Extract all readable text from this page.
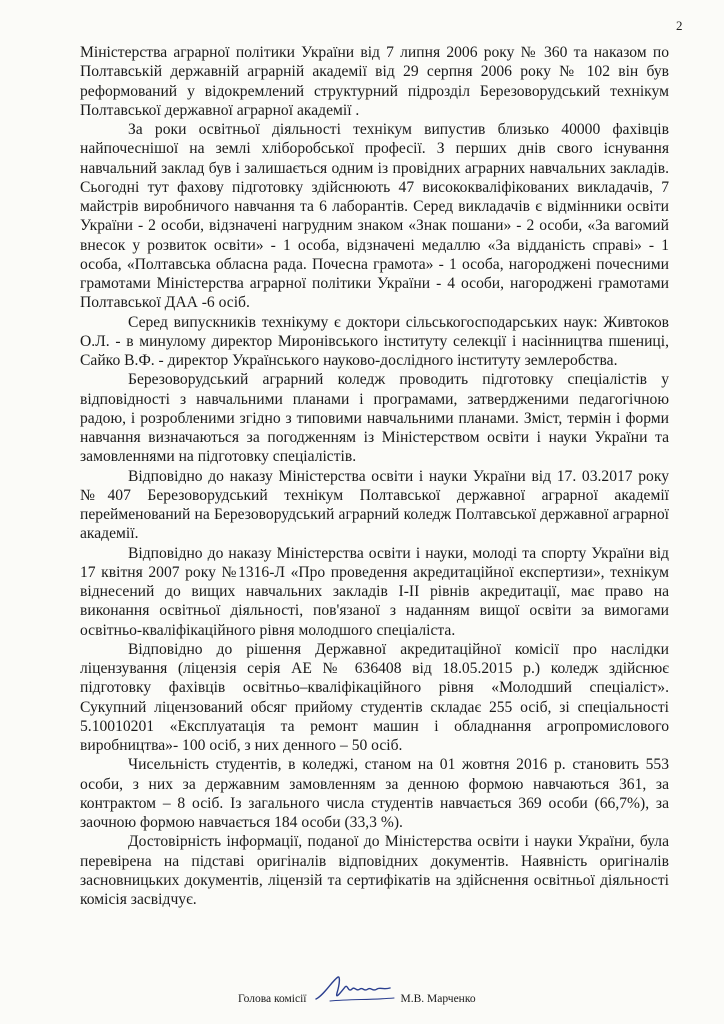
2

Міністерства аграрної політики України від 7 липня 2006 року № 360 та наказом по Полтавській державній аграрній академії від 29 серпня 2006 року № 102 він був реформований у відокремлений структурний підрозділ Березоворудський технікум Полтавської державної аграрної академії .

За роки освітньої діяльності технікум випустив близько 40000 фахівців найпочеснішої на землі хліборобської професії. З перших днів свого існування навчальний заклад був і залишається одним із провідних аграрних навчальних закладів. Сьогодні тут фахову підготовку здійснюють 47 висококваліфікованих викладачів, 7 майстрів виробничого навчання та 6 лаборантів. Серед викладачів є відмінники освіти України - 2 особи, відзначені нагрудним знаком «Знак пошани» - 2 особи, «За вагомий внесок у розвиток освіти» - 1 особа, відзначені медаллю «За відданість справі» - 1 особа, «Полтавська обласна рада. Почесна грамота» - 1 особа, нагороджені почесними грамотами Міністерства аграрної політики України - 4 особи, нагороджені грамотами Полтавської ДАА -6 осіб.

Серед випускників технікуму є доктори сільськогосподарських наук: Живтоков О.Л. - в минулому директор Миронівського інституту селекції і насінництва пшениці, Сайко В.Ф. - директор Українського науково-дослідного інституту землеробства.

Березоворудський аграрний коледж проводить підготовку спеціалістів у відповідності з навчальними планами і програмами, затвердженими педагогічною радою, і розробленими згідно з типовими навчальними планами. Зміст, термін і форми навчання визначаються за погодженням із Міністерством освіти і науки України та замовленнями на підготовку спеціалістів.

Відповідно до наказу Міністерства освіти і науки України від 17. 03.2017 року №407 Березоворудський технікум Полтавської державної аграрної академії перейменований на Березоворудський аграрний коледж Полтавської державної аграрної академії.

Відповідно до наказу Міністерства освіти і науки, молоді та спорту України від 17 квітня 2007 року №1316-Л «Про проведення акредитаційної експертизи», технікум віднесений до вищих навчальних закладів I-II рівнів акредитації, має право на виконання освітньої діяльності, пов'язаної з наданням вищої освіти за вимогами освітньо-кваліфікаційного рівня молодшого спеціаліста.

Відповідно до рішення Державної акредитаційної комісії про наслідки ліцензування (ліцензія серія АЕ № 636408 від 18.05.2015 р.) коледж здійснює підготовку фахівців освітньо–кваліфікаційного рівня «Молодший спеціаліст». Сукупний ліцензований обсяг прийому студентів складає 255 осіб, зі спеціальності 5.10010201 «Експлуатація та ремонт машин і обладнання агропромислового виробництва»- 100 осіб, з них денного – 50 осіб.

Чисельність студентів, в коледжі, станом на 01 жовтня 2016 р. становить 553 особи, з них за державним замовленням за денною формою навчаються 361, за контрактом – 8 осіб. Із загального числа студентів навчається 369 особи (66,7%), за заочною формою навчається 184 особи (33,3 %).

Достовірність інформації, поданої до Міністерства освіти і науки України, була перевірена на підставі оригіналів відповідних документів. Наявність оригіналів засновницьких документів, ліцензій та сертифікатів на здійснення освітньої діяльності комісія засвідчує.

Голова комісії	М.В. Марченко
